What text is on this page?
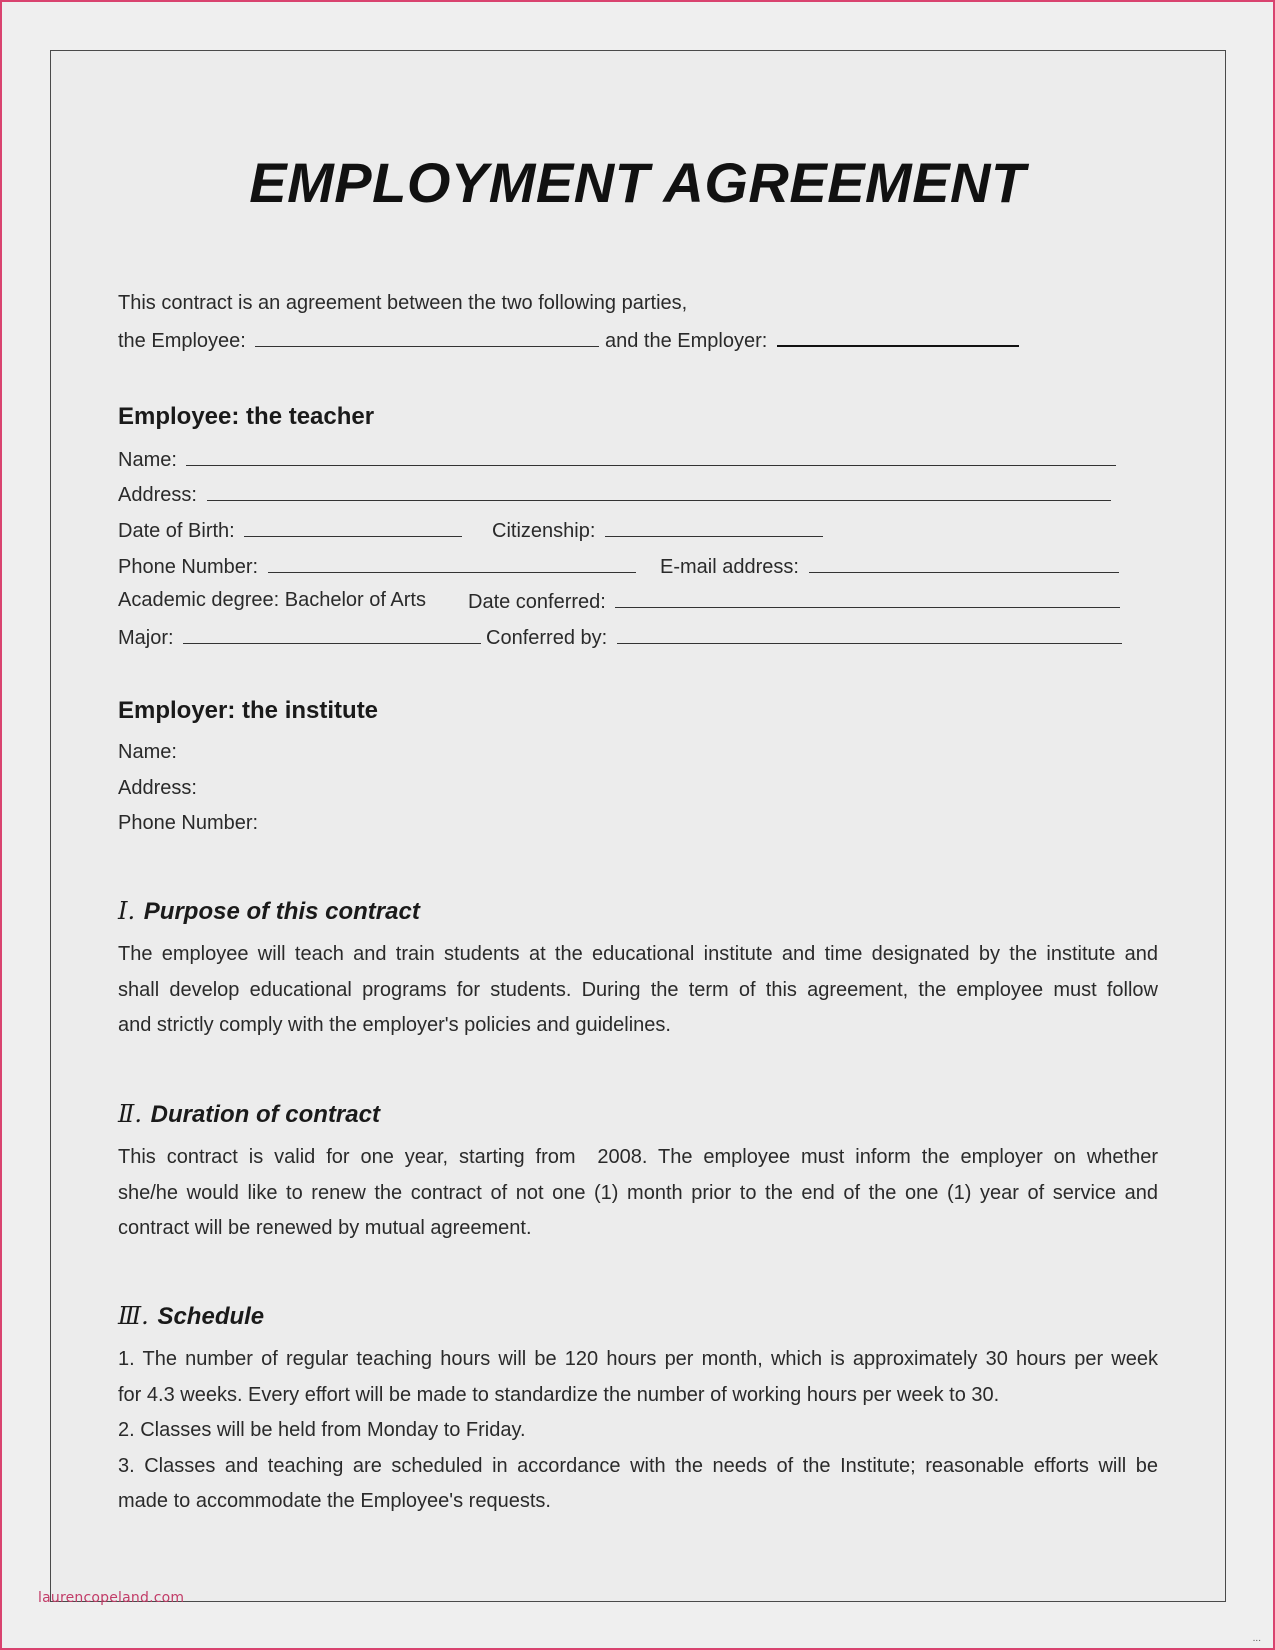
EMPLOYMENT AGREEMENT
This contract is an agreement between the two following parties,
the Employee:	and the Employer:
Employee: the teacher
Name:
Address:
Date of Birth:	Citizenship:
Phone Number:	E-mail address:
Academic degree: Bachelor of Arts Date conferred:
Major:	Conferred by:
Employer: the institute
Name:
Address:
Phone Number:
Ⅰ. Purpose of this contract
The employee will teach and train students at the educational institute and time designated by the institute and
shall develop educational programs for students. During the term of this agreement, the employee must follow
and strictly comply with the employer's policies and guidelines.
Ⅱ. Duration of contract
This contract is valid for one year, starting from  2008. The employee must inform the employer on whether
she/he would like to renew the contract of not one (1) month prior to the end of the one (1) year of service and
contract will be renewed by mutual agreement.
Ⅲ. Schedule
1. The number of regular teaching hours will be 120 hours per month, which is approximately 30 hours per week
for 4.3 weeks. Every effort will be made to standardize the number of working hours per week to 30.
2. Classes will be held from Monday to Friday.
3. Classes and teaching are scheduled in accordance with the needs of the Institute; reasonable efforts will be
made to accommodate the Employee's requests.
laurencopeland.com
...
